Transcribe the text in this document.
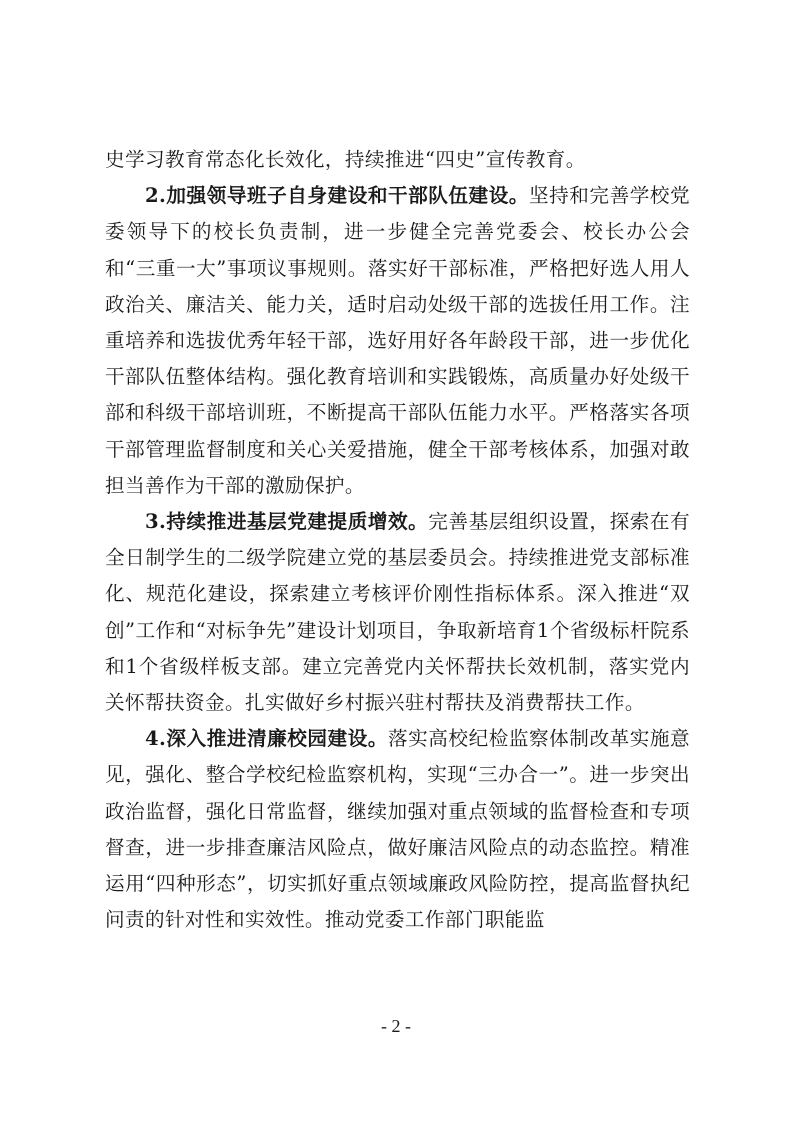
史学习教育常态化长效化，持续推进“四史”宣传教育。

2.加强领导班子自身建设和干部队伍建设。坚持和完善学校党委领导下的校长负责制，进一步健全完善党委会、校长办公会和“三重一大”事项议事规则。落实好干部标准，严格把好选人用人政治关、廉洁关、能力关，适时启动处级干部的选拔任用工作。注重培养和选拔优秀年轻干部，选好用好各年龄段干部，进一步优化干部队伍整体结构。强化教育培训和实践锻炼，高质量办好处级干部和科级干部培训班，不断提高干部队伍能力水平。严格落实各项干部管理监督制度和关心关爱措施，健全干部考核体系，加强对敢担当善作为干部的激励保护。

3.持续推进基层党建提质增效。完善基层组织设置，探索在有全日制学生的二级学院建立党的基层委员会。持续推进党支部标准化、规范化建设，探索建立考核评价刚性指标体系。深入推进“双创”工作和“对标争先”建设计划项目，争取新培育1个省级标杆院系和1个省级样板支部。建立完善党内关怀帮扶长效机制，落实党内关怀帮扶资金。扎实做好乡村振兴驻村帮扶及消费帮扶工作。

4.深入推进清廉校园建设。落实高校纪检监察体制改革实施意见，强化、整合学校纪检监察机构，实现“三办合一”。进一步突出政治监督，强化日常监督，继续加强对重点领域的监督检查和专项督查，进一步排查廉洁风险点，做好廉洁风险点的动态监控。精准运用“四种形态”，切实抓好重点领域廉政风险防控，提高监督执纪问责的针对性和实效性。推动党委工作部门职能监

- 2 -
